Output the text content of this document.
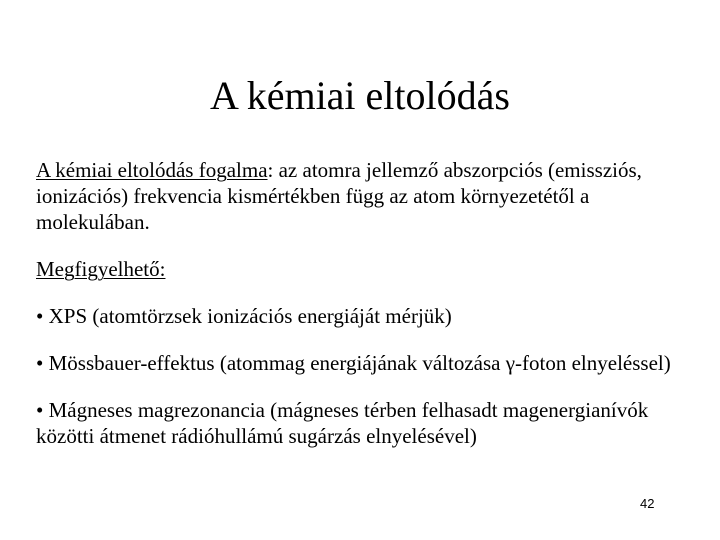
A kémiai eltolódás

A kémiai eltolódás fogalma: az atomra jellemző abszorpciós (emissziós, ionizációs) frekvencia kismértékben függ az atom környezetétől a molekulában.

Megfigyelhető:

• XPS (atomtörzsek ionizációs energiáját mérjük)

• Mössbauer-effektus (atommag energiájának változása γ-foton elnyeléssel)

• Mágneses magrezonancia (mágneses térben felhasadt magenergianívók közötti átmenet rádióhullámú sugárzás elnyelésével)

42
